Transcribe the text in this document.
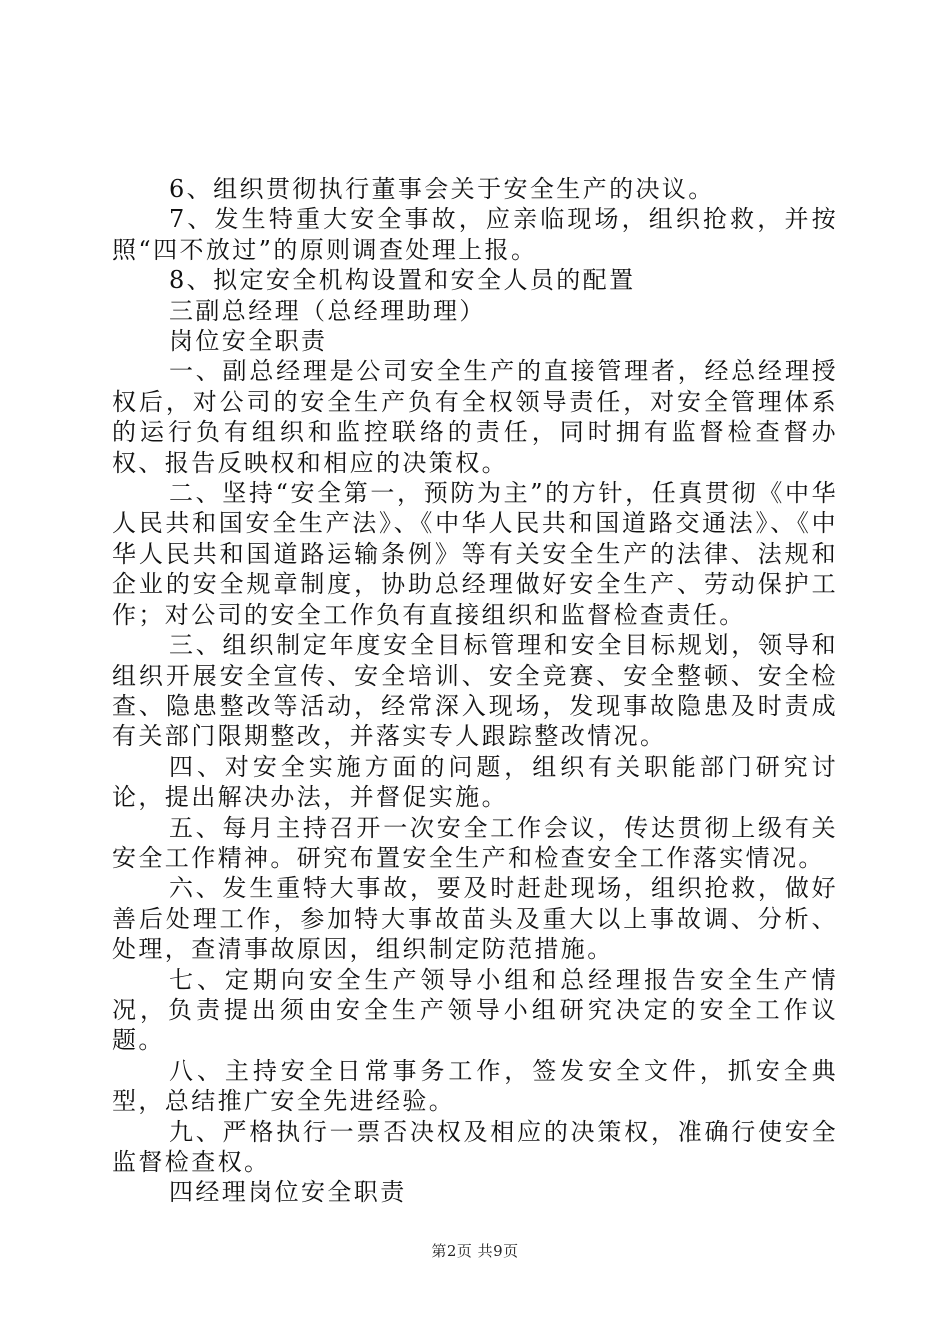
6、组织贯彻执行董事会关于安全生产的决议。

7、发生特重大安全事故，应亲临现场，组织抢救，并按照“四不放过”的原则调查处理上报。

8、拟定安全机构设置和安全人员的配置

三副总经理（总经理助理）

岗位安全职责

一、副总经理是公司安全生产的直接管理者，经总经理授权后，对公司的安全生产负有全权领导责任，对安全管理体系的运行负有组织和监控联络的责任，同时拥有监督检查督办权、报告反映权和相应的决策权。

二、坚持“安全第一，预防为主”的方针，任真贯彻《中华人民共和国安全生产法》、《中华人民共和国道路交通法》、《中华人民共和国道路运输条例》等有关安全生产的法律、法规和企业的安全规章制度，协助总经理做好安全生产、劳动保护工作；对公司的安全工作负有直接组织和监督检查责任。

三、组织制定年度安全目标管理和安全目标规划，领导和组织开展安全宣传、安全培训、安全竞赛、安全整顿、安全检查、隐患整改等活动，经常深入现场，发现事故隐患及时责成有关部门限期整改，并落实专人跟踪整改情况。

四、对安全实施方面的问题，组织有关职能部门研究讨论，提出解决办法，并督促实施。

五、每月主持召开一次安全工作会议，传达贯彻上级有关安全工作精神。研究布置安全生产和检查安全工作落实情况。

六、发生重特大事故，要及时赶赴现场，组织抢救，做好善后处理工作，参加特大事故苗头及重大以上事故调、分析、处理，查清事故原因，组织制定防范措施。

七、定期向安全生产领导小组和总经理报告安全生产情况，负责提出须由安全生产领导小组研究决定的安全工作议题。

八、主持安全日常事务工作，签发安全文件，抓安全典型，总结推广安全先进经验。

九、严格执行一票否决权及相应的决策权，准确行使安全监督检查权。

四经理岗位安全职责

第2页 共9页
